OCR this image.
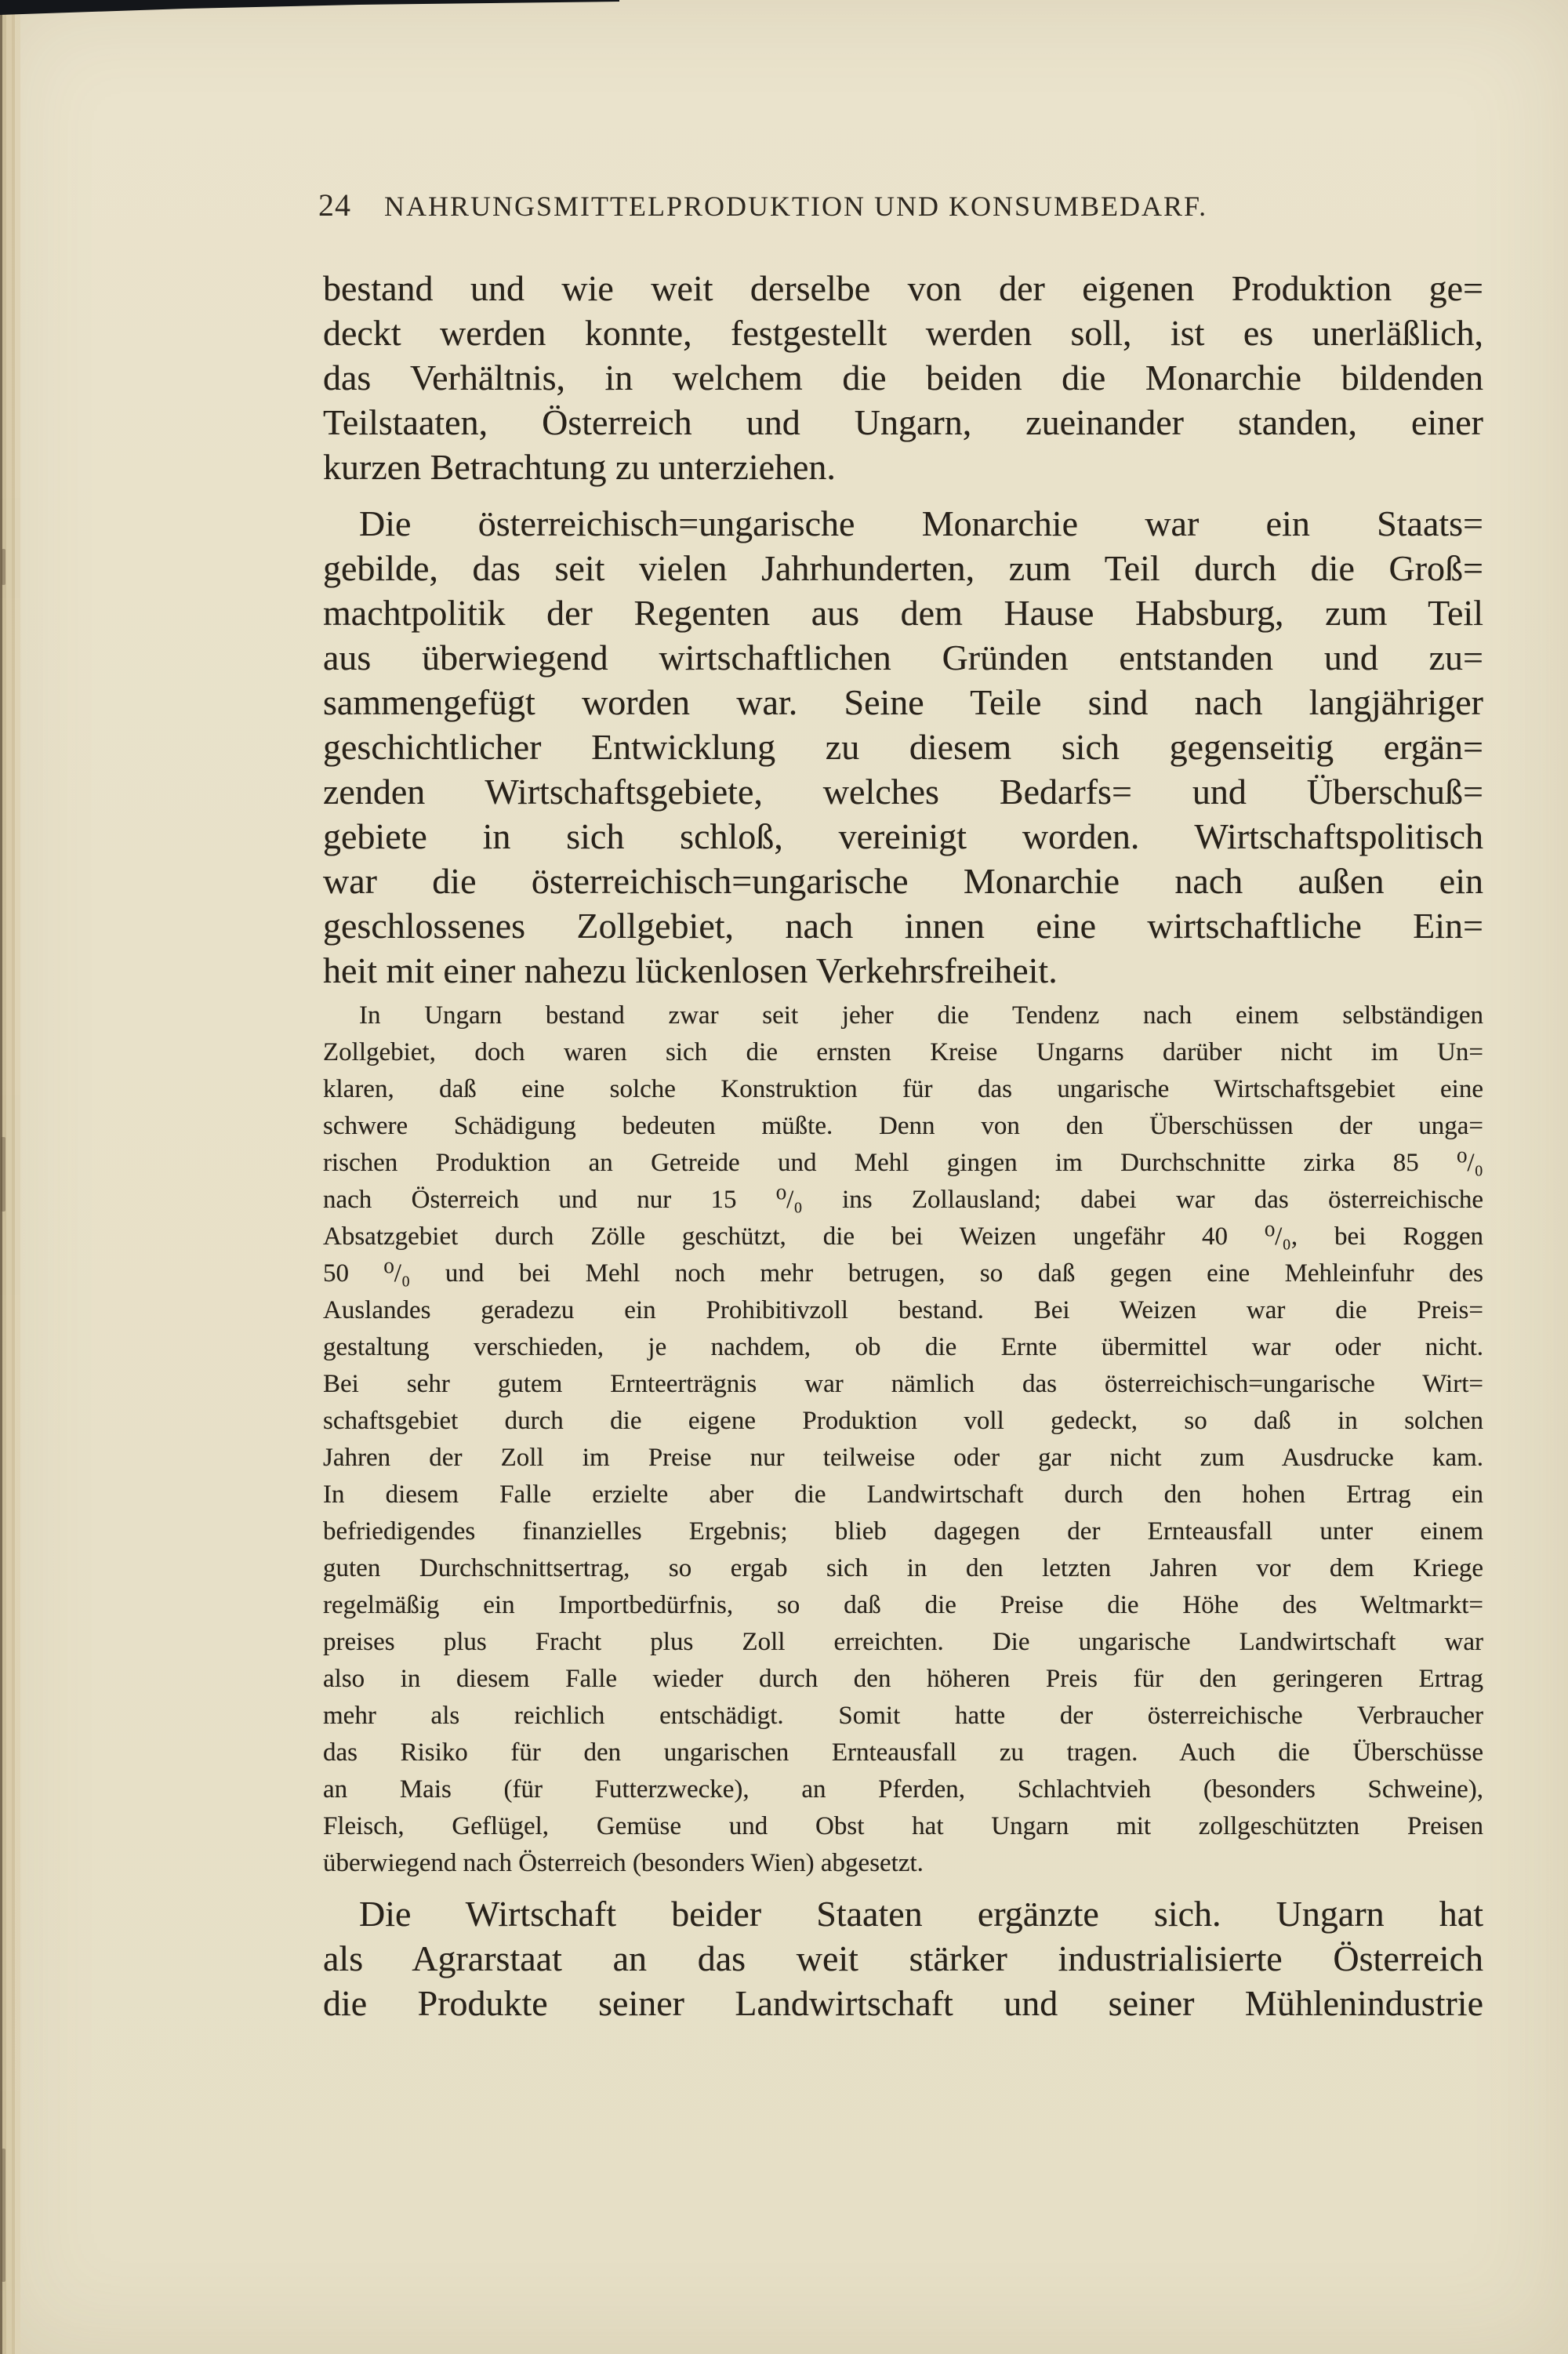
24 NAHRUNGSMITTELPRODUKTION UND KONSUMBEDARF.
bestand und wie weit derselbe von der eigenen Produktion ge=
deckt werden konnte, festgestellt werden soll, ist es unerläßlich,
das Verhältnis, in welchem die beiden die Monarchie bildenden
Teilstaaten, Österreich und Ungarn, zueinander standen, einer
kurzen Betrachtung zu unterziehen.
Die österreichisch=ungarische Monarchie war ein Staats=
gebilde, das seit vielen Jahrhunderten, zum Teil durch die Groß=
machtpolitik der Regenten aus dem Hause Habsburg, zum Teil
aus überwiegend wirtschaftlichen Gründen entstanden und zu=
sammengefügt worden war. Seine Teile sind nach langjähriger
geschichtlicher Entwicklung zu diesem sich gegenseitig ergän=
zenden Wirtschaftsgebiete, welches Bedarfs= und Überschuß=
gebiete in sich schloß, vereinigt worden. Wirtschaftspolitisch
war die österreichisch=ungarische Monarchie nach außen ein
geschlossenes Zollgebiet, nach innen eine wirtschaftliche Ein=
heit mit einer nahezu lückenlosen Verkehrsfreiheit.
In Ungarn bestand zwar seit jeher die Tendenz nach einem selbständigen
Zollgebiet, doch waren sich die ernsten Kreise Ungarns darüber nicht im Un=
klaren, daß eine solche Konstruktion für das ungarische Wirtschaftsgebiet eine
schwere Schädigung bedeuten müßte. Denn von den Überschüssen der unga=
rischen Produktion an Getreide und Mehl gingen im Durchschnitte zirka 85 ⁰/₀
nach Österreich und nur 15 ⁰/₀ ins Zollausland; dabei war das österreichische
Absatzgebiet durch Zölle geschützt, die bei Weizen ungefähr 40 ⁰/₀, bei Roggen
50 ⁰/₀ und bei Mehl noch mehr betrugen, so daß gegen eine Mehleinfuhr des
Auslandes geradezu ein Prohibitivzoll bestand. Bei Weizen war die Preis=
gestaltung verschieden, je nachdem, ob die Ernte übermittel war oder nicht.
Bei sehr gutem Ernteerträgnis war nämlich das österreichisch=ungarische Wirt=
schaftsgebiet durch die eigene Produktion voll gedeckt, so daß in solchen
Jahren der Zoll im Preise nur teilweise oder gar nicht zum Ausdrucke kam.
In diesem Falle erzielte aber die Landwirtschaft durch den hohen Ertrag ein
befriedigendes finanzielles Ergebnis; blieb dagegen der Ernteausfall unter einem
guten Durchschnittsertrag, so ergab sich in den letzten Jahren vor dem Kriege
regelmäßig ein Importbedürfnis, so daß die Preise die Höhe des Weltmarkt=
preises plus Fracht plus Zoll erreichten. Die ungarische Landwirtschaft war
also in diesem Falle wieder durch den höheren Preis für den geringeren Ertrag
mehr als reichlich entschädigt. Somit hatte der österreichische Verbraucher
das Risiko für den ungarischen Ernteausfall zu tragen. Auch die Überschüsse
an Mais (für Futterzwecke), an Pferden, Schlachtvieh (besonders Schweine),
Fleisch, Geflügel, Gemüse und Obst hat Ungarn mit zollgeschützten Preisen
überwiegend nach Österreich (besonders Wien) abgesetzt.
Die Wirtschaft beider Staaten ergänzte sich. Ungarn hat
als Agrarstaat an das weit stärker industrialisierte Österreich
die Produkte seiner Landwirtschaft und seiner Mühlenindustrie
